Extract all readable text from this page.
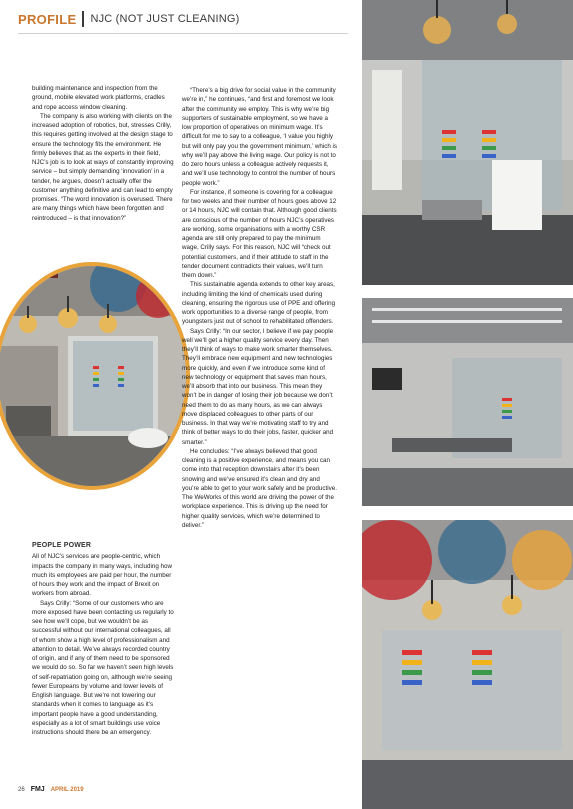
PROFILE NJC (NOT JUST CLEANING)

building maintenance and inspection from the ground, mobile elevated work platforms, cradles and rope access window cleaning.

The company is also working with clients on the increased adoption of robotics, but, stresses Crilly, this requires getting involved at the design stage to ensure the technology fits the environment. He firmly believes that as the experts in their field, NJC’s job is to look at ways of constantly improving service – but simply demanding ‘innovation’ in a tender, he argues, doesn’t actually offer the customer anything definitive and can lead to empty promises. “The word innovation is overused. There are many things which have been forgotten and reintroduced – is that innovation?”

PEOPLE POWER

All of NJC’s services are people-centric, which impacts the company in many ways, including how much its employees are paid per hour, the number of hours they work and the impact of Brexit on workers from abroad.

Says Crilly: “Some of our customers who are more exposed have been contacting us regularly to see how we’ll cope, but we wouldn’t be as successful without our international colleagues, all of whom show a high level of professionalism and attention to detail. We’ve always recorded country of origin, and if any of them need to be sponsored we would do so. So far we haven’t seen high levels of self-repatriation going on, although we’re seeing fewer Europeans by volume and lower levels of English language. But we’re not lowering our standards when it comes to language as it’s important people have a good understanding, especially as a lot of smart buildings use voice instructions should there be an emergency.

“There’s a big drive for social value in the community we’re in,” he continues, “and first and foremost we look after the community we employ. This is why we’re big supporters of sustainable employment, so we have a low proportion of operatives on minimum wage. It’s difficult for me to say to a colleague, ‘I value you highly but will only pay you the government minimum,’ which is why we’ll pay above the living wage. Our policy is not to do zero hours unless a colleague actively requests it, and we’ll use technology to control the number of hours people work.”

For instance, if someone is covering for a colleague for two weeks and their number of hours goes above 12 or 14 hours, NJC will contain that. Although good clients are conscious of the number of hours NJC’s operatives are working, some organisations with a worthy CSR agenda are still only prepared to pay the minimum wage, Crilly says. For this reason, NJC will “check out potential customers, and if their attitude to staff in the tender document contradicts their values, we’ll turn them down.”

This sustainable agenda extends to other key areas, including limiting the kind of chemicals used during cleaning, ensuring the rigorous use of PPE and offering work opportunities to a diverse range of people, from youngsters just out of school to rehabilitated offenders.

Says Crilly: “In our sector, I believe if we pay people well we’ll get a higher quality service every day. Then they’ll think of ways to make work smarter themselves. They’ll embrace new equipment and new technologies more quickly, and even if we introduce some kind of new technology or equipment that saves man hours, we’ll absorb that into our business. This mean they won’t be in danger of losing their job because we don’t need them to do as many hours, as we can always move displaced colleagues to other parts of our business. In that way we’re motivating staff to try and think of better ways to do their jobs, faster, quicker and smarter.”

He concludes: “I’ve always believed that good cleaning is a positive experience, and means you can come into that reception downstairs after it’s been snowing and we’ve ensured it’s clean and dry and you’re able to get to your work safely and be productive. The WeWorks of this world are driving the power of the workplace experience. This is driving up the need for higher quality services, which we’re determined to deliver.”

26 FMJ APRIL 2019
